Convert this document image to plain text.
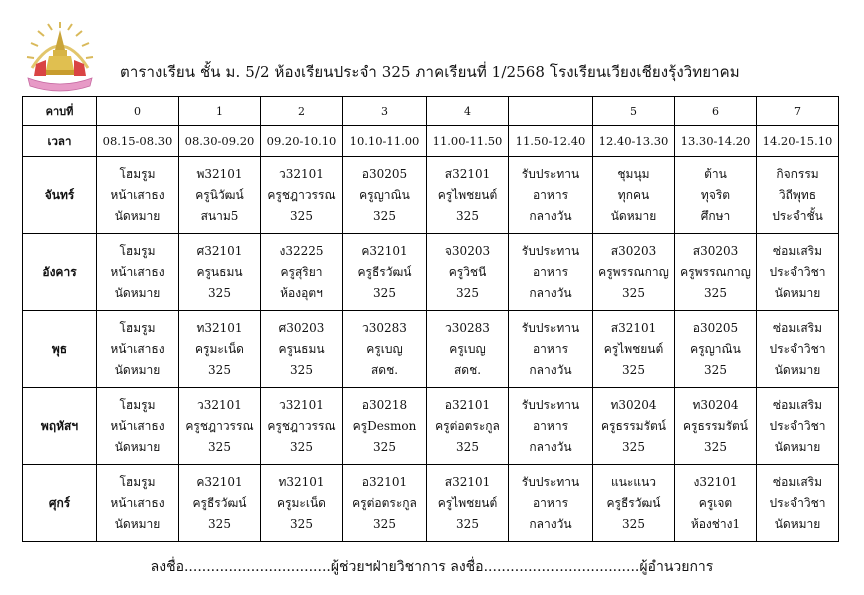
ตารางเรียน ชั้น ม. 5/2 ห้องเรียนประจำ 325 ภาคเรียนที่ 1/2568 โรงเรียนเวียงเชียงรุ้งวิทยาคม
คาบที่	0	1	2	3	4		5	6	7
เวลา	08.15-08.30	08.30-09.20	09.20-10.10	10.10-11.00	11.00-11.50	11.50-12.40	12.40-13.30	13.30-14.20	14.20-15.10
จันทร์	โฮมรูม
หน้าเสาธง
นัดหมาย	พ32101
ครูนิวัฒน์
สนาม5	ว32101
ครูชฎาวรรณ
325	อ30205
ครูญาณิน
325	ส32101
ครูไพชยนต์
325	รับประทาน
อาหาร
กลางวัน	ชุมนุม
ทุกคน
นัดหมาย	ต้าน
ทุจริต
ศึกษา	กิจกรรม
วิถีพุทธ
ประจำชั้น

อังคาร	โฮมรูม
หน้าเสาธง
นัดหมาย	ศ32101
ครูนธมน
325	ง32225
ครูสุริยา
ห้องอุตฯ	ค32101
ครูธีรวัฒน์
325	จ30203
ครูวิชนี
325	รับประทาน
อาหาร
กลางวัน	ส30203
ครูพรรณกาญ
325	ส30203
ครูพรรณกาญ
325	ซ่อมเสริม
ประจำวิชา
นัดหมาย

พุธ	โฮมรูม
หน้าเสาธง
นัดหมาย	ท32101
ครูมะเน็ด
325	ศ30203
ครูนธมน
325	ว30283
ครูเบญ
สดช.	ว30283
ครูเบญ
สดช.	รับประทาน
อาหาร
กลางวัน	ส32101
ครูไพชยนต์
325	อ30205
ครูญาณิน
325	ซ่อมเสริม
ประจำวิชา
นัดหมาย

พฤหัสฯ	โฮมรูม
หน้าเสาธง
นัดหมาย	ว32101
ครูชฎาวรรณ
325	ว32101
ครูชฎาวรรณ
325	อ30218
ครูDesmon
325	อ32101
ครูต่อตระกูล
325	รับประทาน
อาหาร
กลางวัน	ท30204
ครูธรรมรัตน์
325	ท30204
ครูธรรมรัตน์
325	ซ่อมเสริม
ประจำวิชา
นัดหมาย

ศุกร์	โฮมรูม
หน้าเสาธง
นัดหมาย	ค32101
ครูธีรวัฒน์
325	ท32101
ครูมะเน็ด
325	อ32101
ครูต่อตระกูล
325	ส32101
ครูไพชยนต์
325	รับประทาน
อาหาร
กลางวัน	แนะแนว
ครูธีรวัฒน์
325	ง32101
ครูเจต
ห้องช่าง1	ซ่อมเสริม
ประจำวิชา
นัดหมาย
ลงชื่อ.................................ผู้ช่วยฯฝ่ายวิชาการ ลงชื่อ...................................ผู้อำนวยการ
